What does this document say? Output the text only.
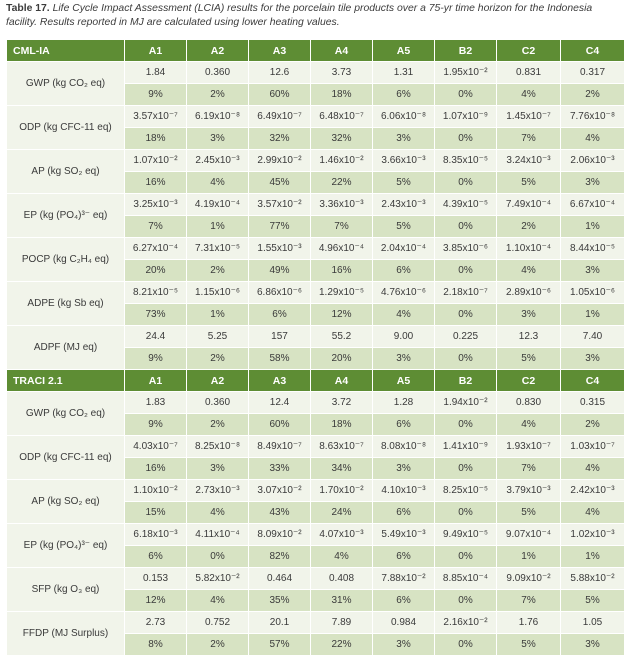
Table 17. Life Cycle Impact Assessment (LCIA) results for the porcelain tile products over a 75-yr time horizon for the Indonesia facility. Results reported in MJ are calculated using lower heating values.
CML-IA	A1	A2	A3	A4	A5	B2	C2	C4
GWP (kg CO₂ eq)	1.84	0.360	12.6	3.73	1.31	1.95x10⁻²	0.831	0.317
	9%	2%	60%	18%	6%	0%	4%	2%
ODP (kg CFC-11 eq)	3.57x10⁻⁷	6.19x10⁻⁸	6.49x10⁻⁷	6.48x10⁻⁷	6.06x10⁻⁸	1.07x10⁻⁹	1.45x10⁻⁷	7.76x10⁻⁸
	18%	3%	32%	32%	3%	0%	7%	4%
AP (kg SO₂ eq)	1.07x10⁻²	2.45x10⁻³	2.99x10⁻²	1.46x10⁻²	3.66x10⁻³	8.35x10⁻⁵	3.24x10⁻³	2.06x10⁻³
	16%	4%	45%	22%	5%	0%	5%	3%
EP (kg (PO₄)³⁻ eq)	3.25x10⁻³	4.19x10⁻⁴	3.57x10⁻²	3.36x10⁻³	2.43x10⁻³	4.39x10⁻⁵	7.49x10⁻⁴	6.67x10⁻⁴
	7%	1%	77%	7%	5%	0%	2%	1%
POCP (kg C₂H₄ eq)	6.27x10⁻⁴	7.31x10⁻⁵	1.55x10⁻³	4.96x10⁻⁴	2.04x10⁻⁴	3.85x10⁻⁶	1.10x10⁻⁴	8.44x10⁻⁵
	20%	2%	49%	16%	6%	0%	4%	3%
ADPE (kg Sb eq)	8.21x10⁻⁵	1.15x10⁻⁶	6.86x10⁻⁶	1.29x10⁻⁵	4.76x10⁻⁶	2.18x10⁻⁷	2.89x10⁻⁶	1.05x10⁻⁶
	73%	1%	6%	12%	4%	0%	3%	1%
ADPF (MJ eq)	24.4	5.25	157	55.2	9.00	0.225	12.3	7.40
	9%	2%	58%	20%	3%	0%	5%	3%
TRACI 2.1	A1	A2	A3	A4	A5	B2	C2	C4
GWP (kg CO₂ eq)	1.83	0.360	12.4	3.72	1.28	1.94x10⁻²	0.830	0.315
	9%	2%	60%	18%	6%	0%	4%	2%
ODP (kg CFC-11 eq)	4.03x10⁻⁷	8.25x10⁻⁸	8.49x10⁻⁷	8.63x10⁻⁷	8.08x10⁻⁸	1.41x10⁻⁹	1.93x10⁻⁷	1.03x10⁻⁷
	16%	3%	33%	34%	3%	0%	7%	4%
AP (kg SO₂ eq)	1.10x10⁻²	2.73x10⁻³	3.07x10⁻²	1.70x10⁻²	4.10x10⁻³	8.25x10⁻⁵	3.79x10⁻³	2.42x10⁻³
	15%	4%	43%	24%	6%	0%	5%	4%
EP (kg (PO₄)³⁻ eq)	6.18x10⁻³	4.11x10⁻⁴	8.09x10⁻²	4.07x10⁻³	5.49x10⁻³	9.49x10⁻⁵	9.07x10⁻⁴	1.02x10⁻³
	6%	0%	82%	4%	6%	0%	1%	1%
SFP (kg O₃ eq)	0.153	5.82x10⁻²	0.464	0.408	7.88x10⁻²	8.85x10⁻⁴	9.09x10⁻²	5.88x10⁻²
	12%	4%	35%	31%	6%	0%	7%	5%
FFDP (MJ Surplus)	2.73	0.752	20.1	7.89	0.984	2.16x10⁻²	1.76	1.05
	8%	2%	57%	22%	3%	0%	5%	3%
